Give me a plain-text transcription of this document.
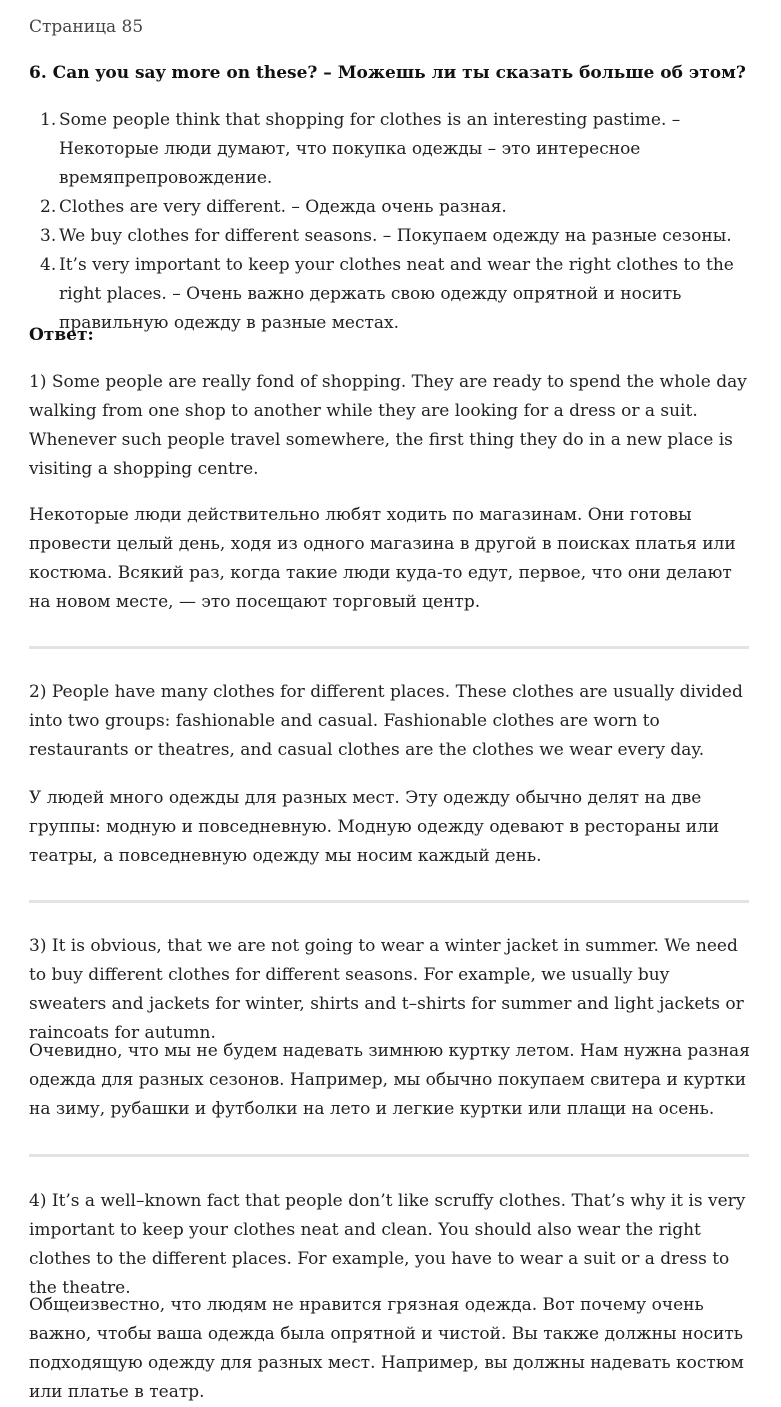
Страница 85
6. Can you say more on these? – Можешь ли ты сказать больше об этом?
1. Some people think that shopping for clothes is an interesting pastime. – Некоторые люди думают, что покупка одежды – это интересное времяпрепровождение.
2. Clothes are very different. – Одежда очень разная.
3. We buy clothes for different seasons. – Покупаем одежду на разные сезоны.
4. It’s very important to keep your clothes neat and wear the right clothes to the right places. – Очень важно держать свою одежду опрятной и носить правильную одежду в разные местах.
Ответ:

1) Some people are really fond of shopping. They are ready to spend the whole day walking from one shop to another while they are looking for a dress or a suit. Whenever such people travel somewhere, the first thing they do in a new place is visiting a shopping centre.

Некоторые люди действительно любят ходить по магазинам. Они готовы провести целый день, ходя из одного магазина в другой в поисках платья или костюма. Всякий раз, когда такие люди куда-то едут, первое, что они делают на новом месте, — это посещают торговый центр.

2) People have many clothes for different places. These clothes are usually divided into two groups: fashionable and casual. Fashionable clothes are worn to restaurants or theatres, and casual clothes are the clothes we wear every day.

У людей много одежды для разных мест. Эту одежду обычно делят на две группы: модную и повседневную. Модную одежду одевают в рестораны или театры, а повседневную одежду мы носим каждый день.

3) It is obvious, that we are not going to wear a winter jacket in summer. We need to buy different clothes for different seasons. For example, we usually buy sweaters and jackets for winter, shirts and t–shirts for summer and light jackets or raincoats for autumn.

Очевидно, что мы не будем надевать зимнюю куртку летом. Нам нужна разная одежда для разных сезонов. Например, мы обычно покупаем свитера и куртки на зиму, рубашки и футболки на лето и легкие куртки или плащи на осень.

4) It’s a well–known fact that people don’t like scruffy clothes. That’s why it is very important to keep your clothes neat and clean. You should also wear the right clothes to the different places. For example, you have to wear a suit or a dress to the theatre.

Общеизвестно, что людям не нравится грязная одежда. Вот почему очень важно, чтобы ваша одежда была опрятной и чистой. Вы также должны носить подходящую одежду для разных мест. Например, вы должны надевать костюм или платье в театр.
